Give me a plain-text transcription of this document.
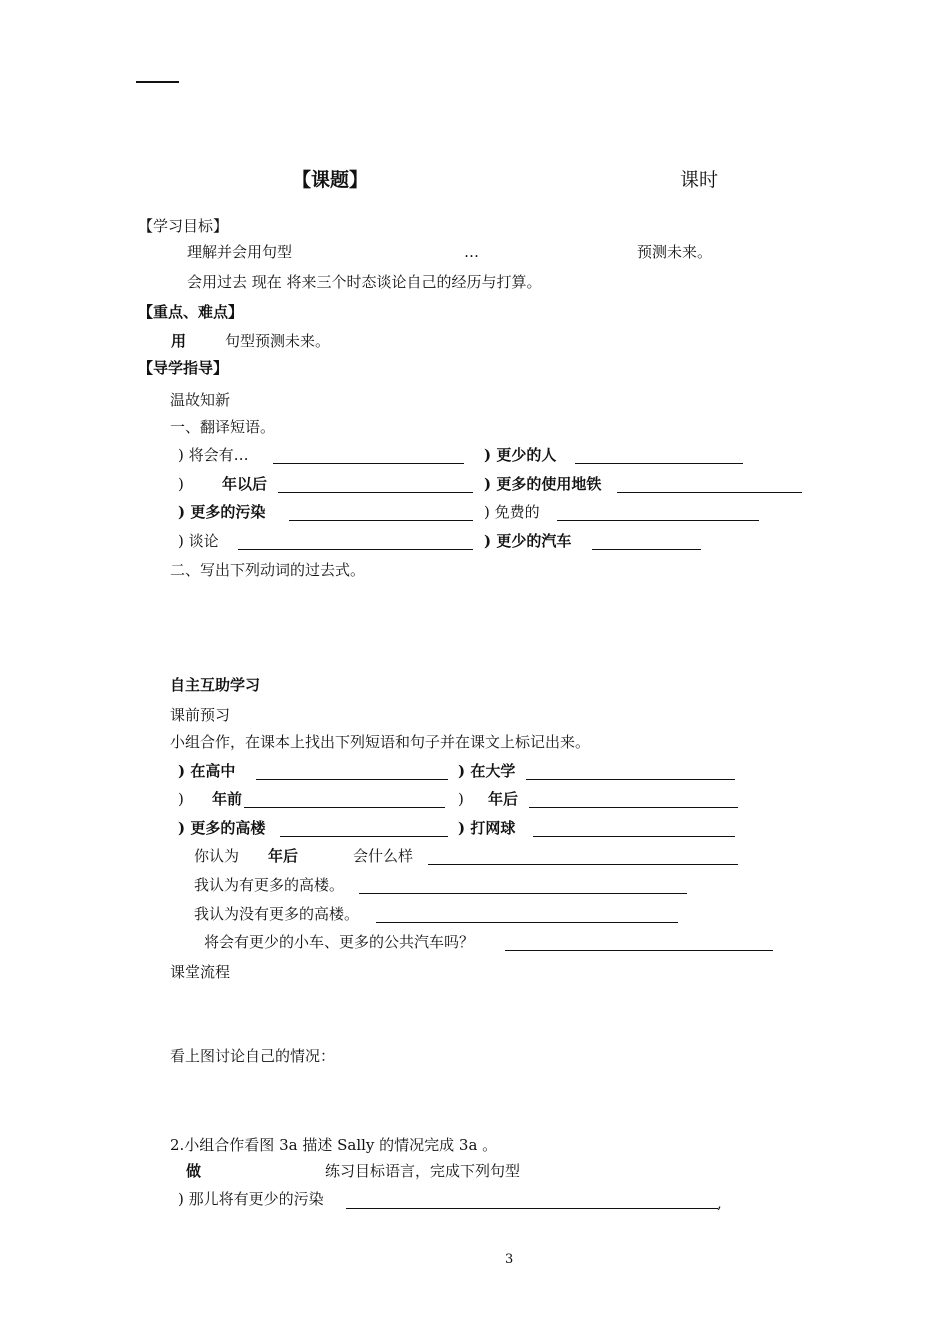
【课题】	课时
【学习目标】
理解并会用句型	…	预测未来。
会用过去 现在 将来三个时态谈论自己的经历与打算。
【重点、难点】
用	句型预测未来。
【导学指导】
温故知新
一、翻译短语。
) 将会有…	) 更少的人
)	年以后	) 更多的使用地铁
) 更多的污染	) 免费的
) 谈论	) 更少的汽车
二、写出下列动词的过去式。
自主互助学习
课前预习
小组合作，在课本上找出下列短语和句子并在课文上标记出来。
) 在高中	) 在大学
) 年前	) 年后
) 更多的高楼	) 打网球
你认为 年后	会什么样
我认为有更多的高楼。
我认为没有更多的高楼。
将会有更少的小车、更多的公共汽车吗？
课堂流程
看上图讨论自己的情况：
2.小组合作看图 3a 描述 Sally 的情况完成 3a 。
做	练习目标语言，完成下列句型
) 那儿将有更少的污染	,
3
